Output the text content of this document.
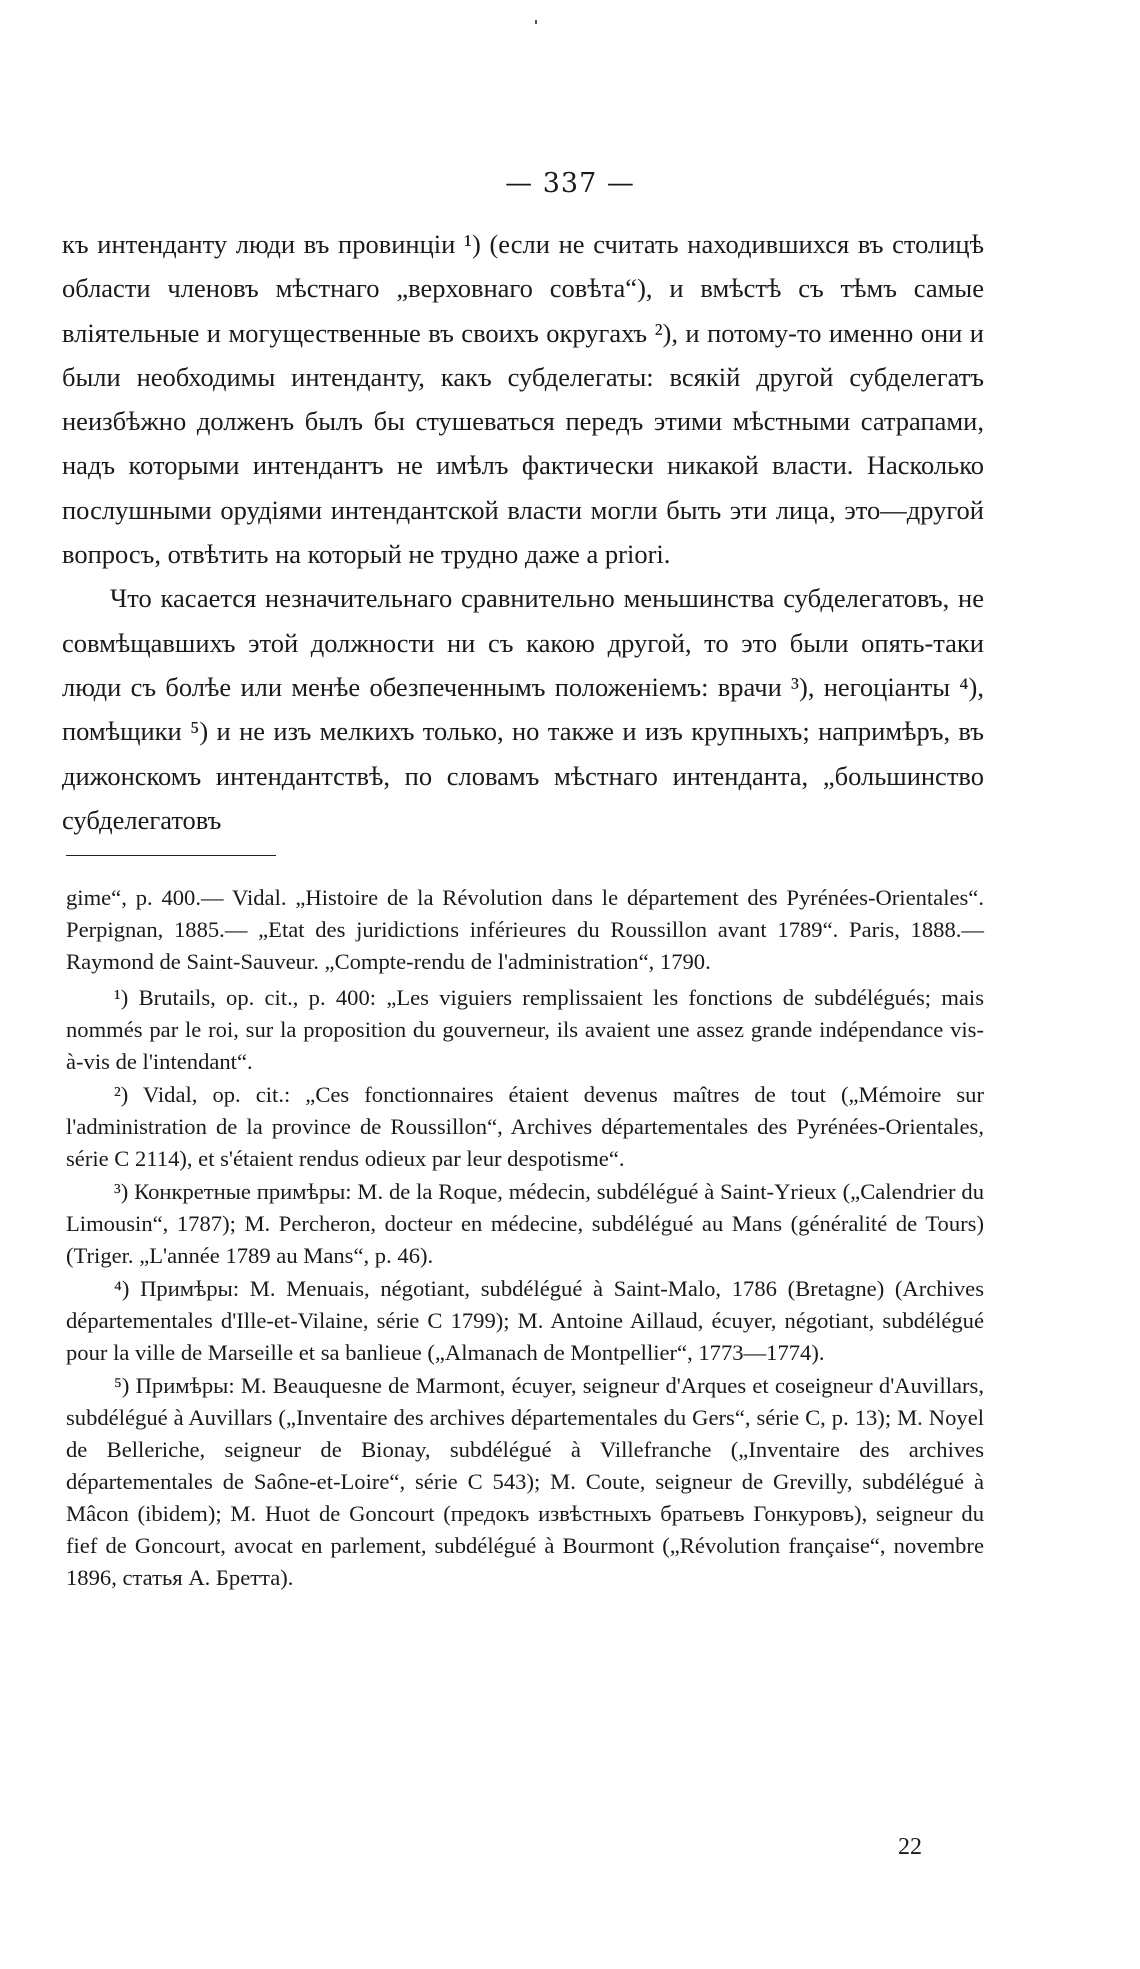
— 337 —

къ интенданту люди въ провинціи ¹) (если не считать находившихся въ столицѣ области членовъ мѣстнаго „верховнаго совѣта“), и вмѣстѣ съ тѣмъ самые вліятельные и могущественные въ своихъ округахъ ²), и потому-то именно они и были необходимы интенданту, какъ субделегаты: всякій другой субделегатъ неизбѣжно долженъ былъ бы стушеваться передъ этими мѣстными сатрапами, надъ которыми интендантъ не имѣлъ фактически никакой власти. Насколько послушными орудіями интендантской власти могли быть эти лица, это—другой вопросъ, отвѣтить на который не трудно даже a priori.

Что касается незначительнаго сравнительно меньшинства субделегатовъ, не совмѣщавшихъ этой должности ни съ какою другой, то это были опять-таки люди съ болѣе или менѣе обезпеченнымъ положеніемъ: врачи ³), негоціанты ⁴), помѣщики ⁵) и не изъ мелкихъ только, но также и изъ крупныхъ; напримѣръ, въ дижонскомъ интендантствѣ, по словамъ мѣстнаго интенданта, „большинство субделегатовъ

gime“, p. 400.— Vidal. „Histoire de la Révolution dans le département des Pyrénées-Orientales“. Perpignan, 1885.— „Etat des juridictions inférieures du Roussillon avant 1789“. Paris, 1888.—Raymond de Saint-Sauveur. „Compte-rendu de l'administration“, 1790.

¹) Brutails, op. cit., p. 400: „Les viguiers remplissaient les fonctions de subdélégués; mais nommés par le roi, sur la proposition du gouverneur, ils avaient une assez grande indépendance vis-à-vis de l'intendant“.

²) Vidal, op. cit.: „Ces fonctionnaires étaient devenus maîtres de tout („Mémoire sur l'administration de la province de Roussillon“, Archives départementales des Pyrénées-Orientales, série C 2114), et s'étaient rendus odieux par leur despotisme“.

³) Конкретные примѣры: M. de la Roque, médecin, subdélégué à Saint-Yrieux („Calendrier du Limousin“, 1787); M. Percheron, docteur en médecine, subdélégué au Mans (généralité de Tours) (Triger. „L'année 1789 au Mans“, p. 46).

⁴) Примѣры: M. Menuais, négotiant, subdélégué à Saint-Malo, 1786 (Bretagne) (Archives départementales d'Ille-et-Vilaine, série C 1799); M. Antoine Aillaud, écuyer, négotiant, subdélégué pour la ville de Marseille et sa banlieue („Almanach de Montpellier“, 1773—1774).

⁵) Примѣры: M. Beauquesne de Marmont, écuyer, seigneur d'Arques et coseigneur d'Auvillars, subdélégué à Auvillars („Inventaire des archives départementales du Gers“, série C, p. 13); M. Noyel de Belleriche, seigneur de Bionay, subdélégué à Villefranche („Inventaire des archives départementales de Saône-et-Loire“, série C 543); M. Coute, seigneur de Grevilly, subdélégué à Mâcon (ibidem); M. Huot de Goncourt (предокъ извѣстныхъ братьевъ Гонкуровъ), seigneur du fief de Goncourt, avocat en parlement, subdélégué à Bourmont („Révolution française“, novembre 1896, статья А. Бретта).

22
